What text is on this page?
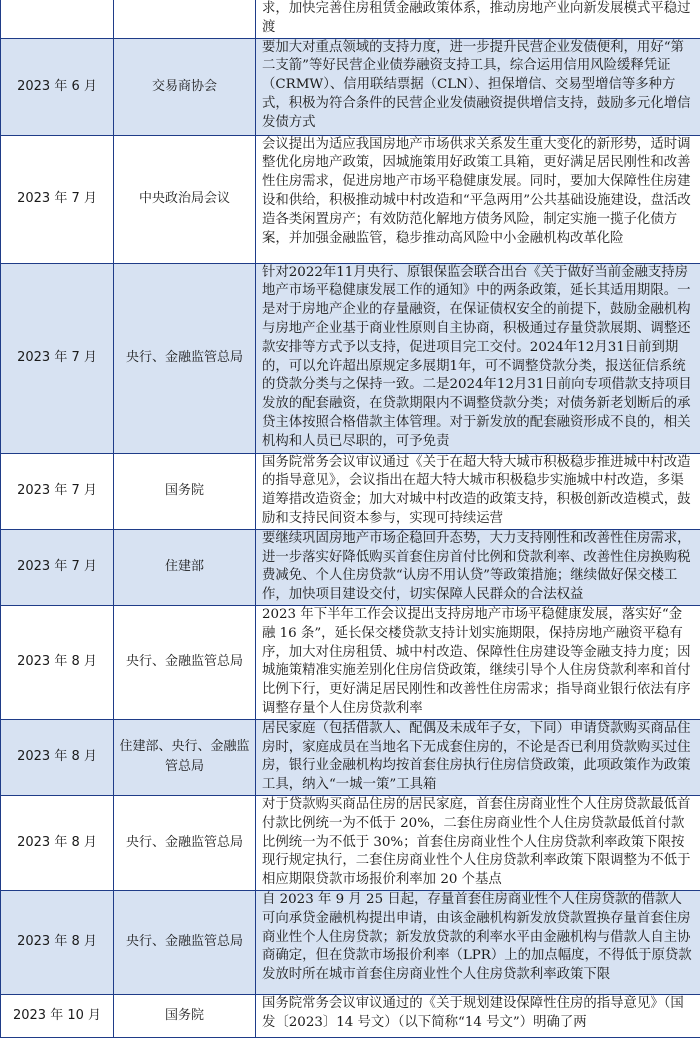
		求，加快完善住房租赁金融政策体系，推动房地产业向新发展模式平稳过渡

2023 年 6 月	交易商协会	要加大对重点领域的支持力度，进一步提升民营企业发债便利，用好“第二支箭”等好民营企业债券融资支持工具，综合运用信用风险缓释凭证（CRMW）、信用联结票据（CLN）、担保增信、交易型增信等多种方式，积极为符合条件的民营企业发债融资提供增信支持，鼓励多元化增信发债方式

2023 年 7 月	中央政治局会议	会议提出为适应我国房地产市场供求关系发生重大变化的新形势，适时调整优化房地产政策，因城施策用好政策工具箱，更好满足居民刚性和改善性住房需求，促进房地产市场平稳健康发展。同时，要加大保障性住房建设和供给，积极推动城中村改造和“平急两用”公共基础设施建设，盘活改造各类闲置房产；有效防范化解地方债务风险，制定实施一揽子化债方案，并加强金融监管，稳步推动高风险中小金融机构改革化险

2023 年 7 月	央行、金融监管总局	针对2022年11月央行、原银保监会联合出台《关于做好当前金融支持房地产市场平稳健康发展工作的通知》中的两条政策，延长其适用期限。一是对于房地产企业的存量融资，在保证债权安全的前提下，鼓励金融机构与房地产企业基于商业性原则自主协商，积极通过存量贷款展期、调整还款安排等方式予以支持，促进项目完工交付。2024年12月31日前到期的，可以允许超出原规定多展期1年，可不调整贷款分类，报送征信系统的贷款分类与之保持一致。二是2024年12月31日前向专项借款支持项目发放的配套融资，在贷款期限内不调整贷款分类；对债务新老划断后的承贷主体按照合格借款主体管理。对于新发放的配套融资形成不良的，相关机构和人员已尽职的，可予免责

2023 年 7 月	国务院	国务院常务会议审议通过《关于在超大特大城市积极稳步推进城中村改造的指导意见》，会议指出在超大特大城市积极稳步实施城中村改造，多渠道筹措改造资金；加大对城中村改造的政策支持，积极创新改造模式，鼓励和支持民间资本参与，实现可持续运营

2023 年 7 月	住建部	要继续巩固房地产市场企稳回升态势，大力支持刚性和改善性住房需求，进一步落实好降低购买首套住房首付比例和贷款利率、改善性住房换购税费减免、个人住房贷款“认房不用认贷”等政策措施；继续做好保交楼工作，加快项目建设交付，切实保障人民群众的合法权益

2023 年 8 月	央行、金融监管总局	2023 年下半年工作会议提出支持房地产市场平稳健康发展，落实好“金融 16 条”，延长保交楼贷款支持计划实施期限，保持房地产融资平稳有序，加大对住房租赁、城中村改造、保障性住房建设等金融支持力度；因城施策精准实施差别化住房信贷政策，继续引导个人住房贷款利率和首付比例下行，更好满足居民刚性和改善性住房需求；指导商业银行依法有序调整存量个人住房贷款利率

2023 年 8 月	住建部、央行、金融监管总局	居民家庭（包括借款人、配偶及未成年子女，下同）申请贷款购买商品住房时，家庭成员在当地名下无成套住房的，不论是否已利用贷款购买过住房，银行业金融机构均按首套住房执行住房信贷政策，此项政策作为政策工具，纳入“一城一策”工具箱

2023 年 8 月	央行、金融监管总局	对于贷款购买商品住房的居民家庭，首套住房商业性个人住房贷款最低首付款比例统一为不低于 20%，二套住房商业性个人住房贷款最低首付款比例统一为不低于 30%；首套住房商业性个人住房贷款利率政策下限按现行规定执行，二套住房商业性个人住房贷款利率政策下限调整为不低于相应期限贷款市场报价利率加 20 个基点

2023 年 8 月	央行、金融监管总局	自 2023 年 9 月 25 日起，存量首套住房商业性个人住房贷款的借款人可向承贷金融机构提出申请，由该金融机构新发放贷款置换存量首套住房商业性个人住房贷款；新发放贷款的利率水平由金融机构与借款人自主协商确定，但在贷款市场报价利率（LPR）上的加点幅度，不得低于原贷款发放时所在城市首套住房商业性个人住房贷款利率政策下限

2023 年 10 月	国务院	国务院常务会议审议通过的《关于规划建设保障性住房的指导意见》（国发〔2023〕14 号文）（以下简称“14 号文”）明确了两
